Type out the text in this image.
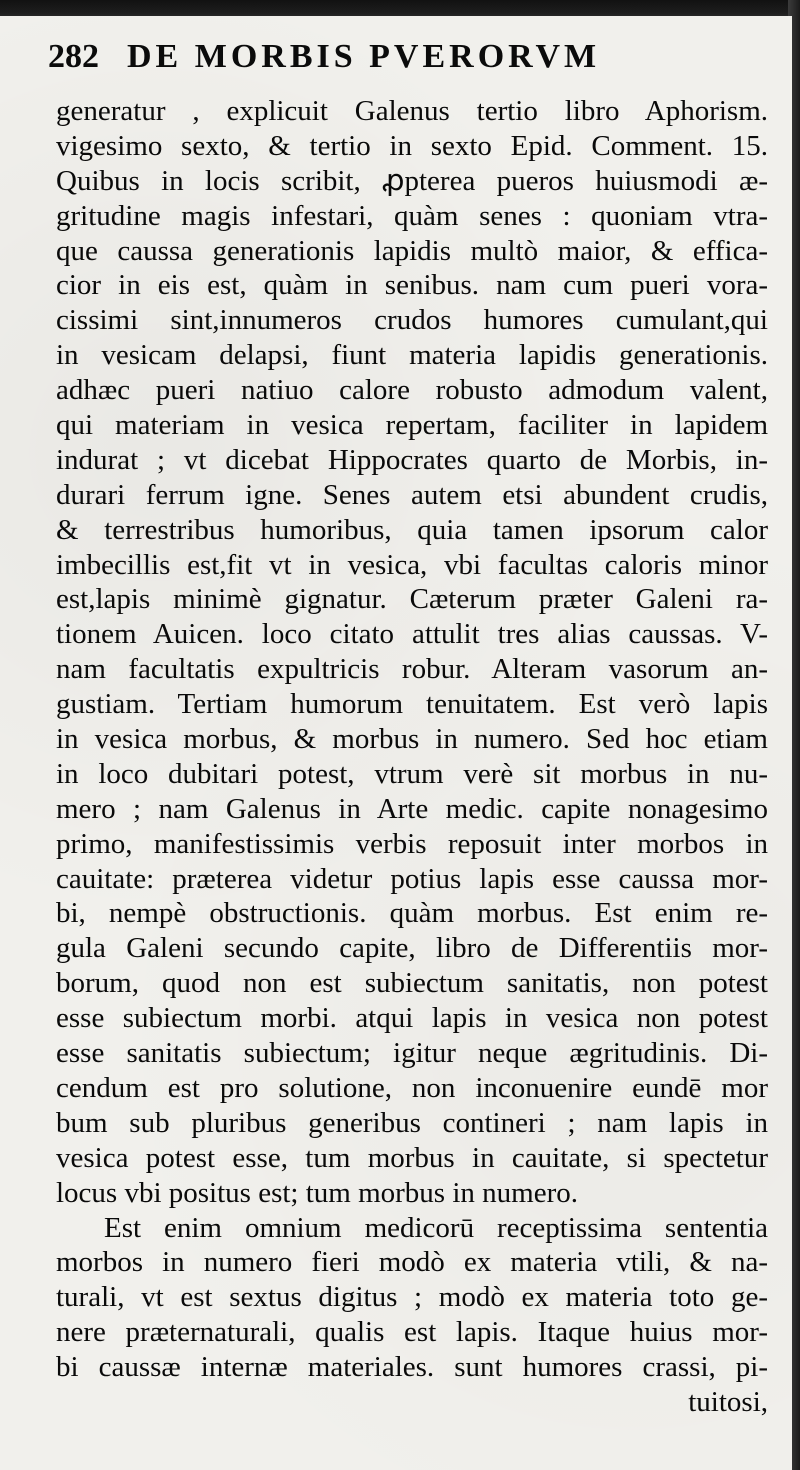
282 DE MORBIS PVERORVM
generatur , explicuit Galenus tertio libro Aphorism.
vigesimo sexto, & tertio in sexto Epid. Comment. 15.
Quibus in locis scribit, ꝓpterea pueros huiusmodi æ-
gritudine magis infestari, quàm senes : quoniam vtra-
que caussa generationis lapidis multò maior, & effica-
cior in eis est, quàm in senibus. nam cum pueri vora-
cissimi sint,innumeros crudos humores cumulant,qui
in vesicam delapsi, fiunt materia lapidis generationis.
adhæc pueri natiuo calore robusto admodum valent,
qui materiam in vesica repertam, faciliter in lapidem
indurat ; vt dicebat Hippocrates quarto de Morbis, in-
durari ferrum igne. Senes autem etsi abundent crudis,
& terrestribus humoribus, quia tamen ipsorum calor
imbecillis est,fit vt in vesica, vbi facultas caloris minor
est,lapis minimè gignatur. Cæterum præter Galeni ra-
tionem Auicen. loco citato attulit tres alias caussas. V-
nam facultatis expultricis robur. Alteram vasorum an-
gustiam. Tertiam humorum tenuitatem. Est verò lapis
in vesica morbus, & morbus in numero. Sed hoc etiam
in loco dubitari potest, vtrum verè sit morbus in nu-
mero ; nam Galenus in Arte medic. capite nonagesimo
primo, manifestissimis verbis reposuit inter morbos in
cauitate: præterea videtur potius lapis esse caussa mor-
bi, nempè obstructionis. quàm morbus. Est enim re-
gula Galeni secundo capite, libro de Differentiis mor-
borum, quod non est subiectum sanitatis, non potest
esse subiectum morbi. atqui lapis in vesica non potest
esse sanitatis subiectum; igitur neque ægritudinis. Di-
cendum est pro solutione, non inconuenire eundē mor
bum sub pluribus generibus contineri ; nam lapis in
vesica potest esse, tum morbus in cauitate, si spectetur
locus vbi positus est; tum morbus in numero.
Est enim omnium medicorū receptissima sententia
morbos in numero fieri modò ex materia vtili, & na-
turali, vt est sextus digitus ; modò ex materia toto ge-
nere præternaturali, qualis est lapis. Itaque huius mor-
bi caussæ internæ materiales. sunt humores crassi, pi-
tuitosi,
